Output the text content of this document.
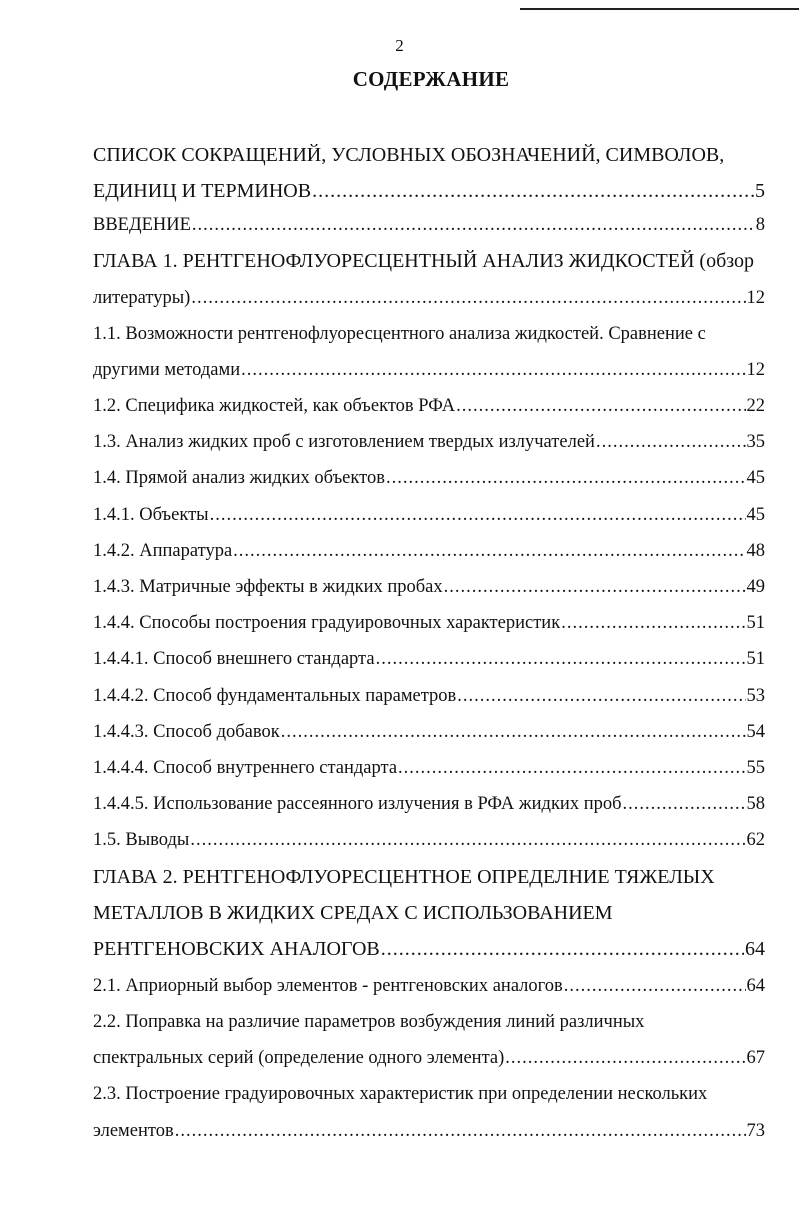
2
СОДЕРЖАНИЕ
СПИСОК СОКРАЩЕНИЙ, УСЛОВНЫХ ОБОЗНАЧЕНИЙ, СИМВОЛОВ,
ЕДИНИЦ И ТЕРМИНОВ .....	5
ВВЕДЕНИЕ .....	8
ГЛАВА 1. РЕНТГЕНОФЛУОРЕСЦЕНТНЫЙ АНАЛИЗ ЖИДКОСТЕЙ (обзор
литературы) .....	12
1.1. Возможности рентгенофлуоресцентного анализа жидкостей. Сравнение с
другими методами .....	12
1.2. Специфика жидкостей, как объектов РФА .....	22
1.3. Анализ жидких проб с изготовлением твердых излучателей .....	35
1.4. Прямой анализ жидких объектов .....	45
1.4.1. Объекты .....	45
1.4.2. Аппаратура .....	48
1.4.3. Матричные эффекты в жидких пробах .....	49
1.4.4. Способы построения градуировочных характеристик .....	51
1.4.4.1. Способ внешнего стандарта .....	51
1.4.4.2. Способ фундаментальных параметров .....	53
1.4.4.3. Способ добавок .....	54
1.4.4.4. Способ внутреннего стандарта .....	55
1.4.4.5. Использование рассеянного излучения в РФА жидких проб .....	58
1.5. Выводы .....	62
ГЛАВА 2. РЕНТГЕНОФЛУОРЕСЦЕНТНОЕ ОПРЕДЕЛНИЕ ТЯЖЕЛЫХ
МЕТАЛЛОВ В ЖИДКИХ СРЕДАХ С ИСПОЛЬЗОВАНИЕМ
РЕНТГЕНОВСКИХ АНАЛОГОВ .....	64
2.1. Априорный выбор элементов - рентгеновских аналогов .....	64
2.2. Поправка на различие параметров возбуждения линий различных
спектральных серий (определение одного элемента) .....	67
2.3. Построение градуировочных характеристик при определении нескольких
элементов .....	73
